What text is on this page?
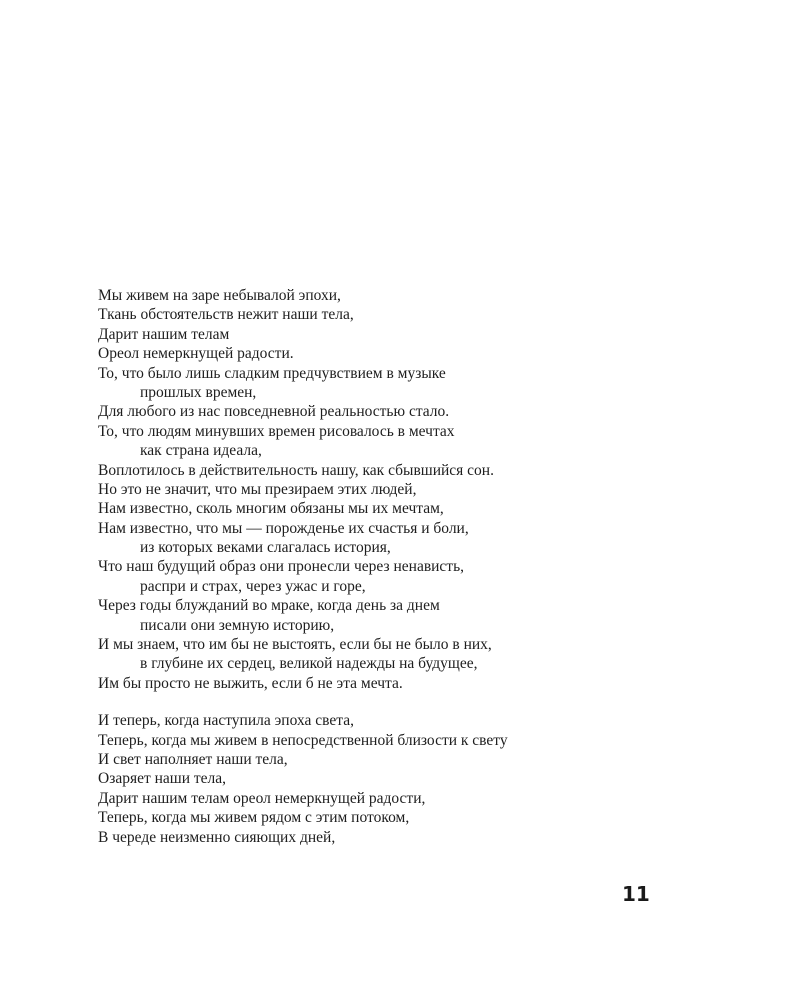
Мы живем на заре небывалой эпохи,
Ткань обстоятельств нежит наши тела,
Дарит нашим телам
Ореол немеркнущей радости.
То, что было лишь сладким предчувствием в музыке
прошлых времен,
Для любого из нас повседневной реальностью стало.
То, что людям минувших времен рисовалось в мечтах
как страна идеала,
Воплотилось в действительность нашу, как сбывшийся сон.
Но это не значит, что мы презираем этих людей,
Нам известно, сколь многим обязаны мы их мечтам,
Нам известно, что мы — порожденье их счастья и боли,
из которых веками слагалась история,
Что наш будущий образ они пронесли через ненависть,
распри и страх, через ужас и горе,
Через годы блужданий во мраке, когда день за днем
писали они земную историю,
И мы знаем, что им бы не выстоять, если бы не было в них,
в глубине их сердец, великой надежды на будущее,
Им бы просто не выжить, если б не эта мечта.
И теперь, когда наступила эпоха света,
Теперь, когда мы живем в непосредственной близости к свету
И свет наполняет наши тела,
Озаряет наши тела,
Дарит нашим телам ореол немеркнущей радости,
Теперь, когда мы живем рядом с этим потоком,
В череде неизменно сияющих дней,
11
